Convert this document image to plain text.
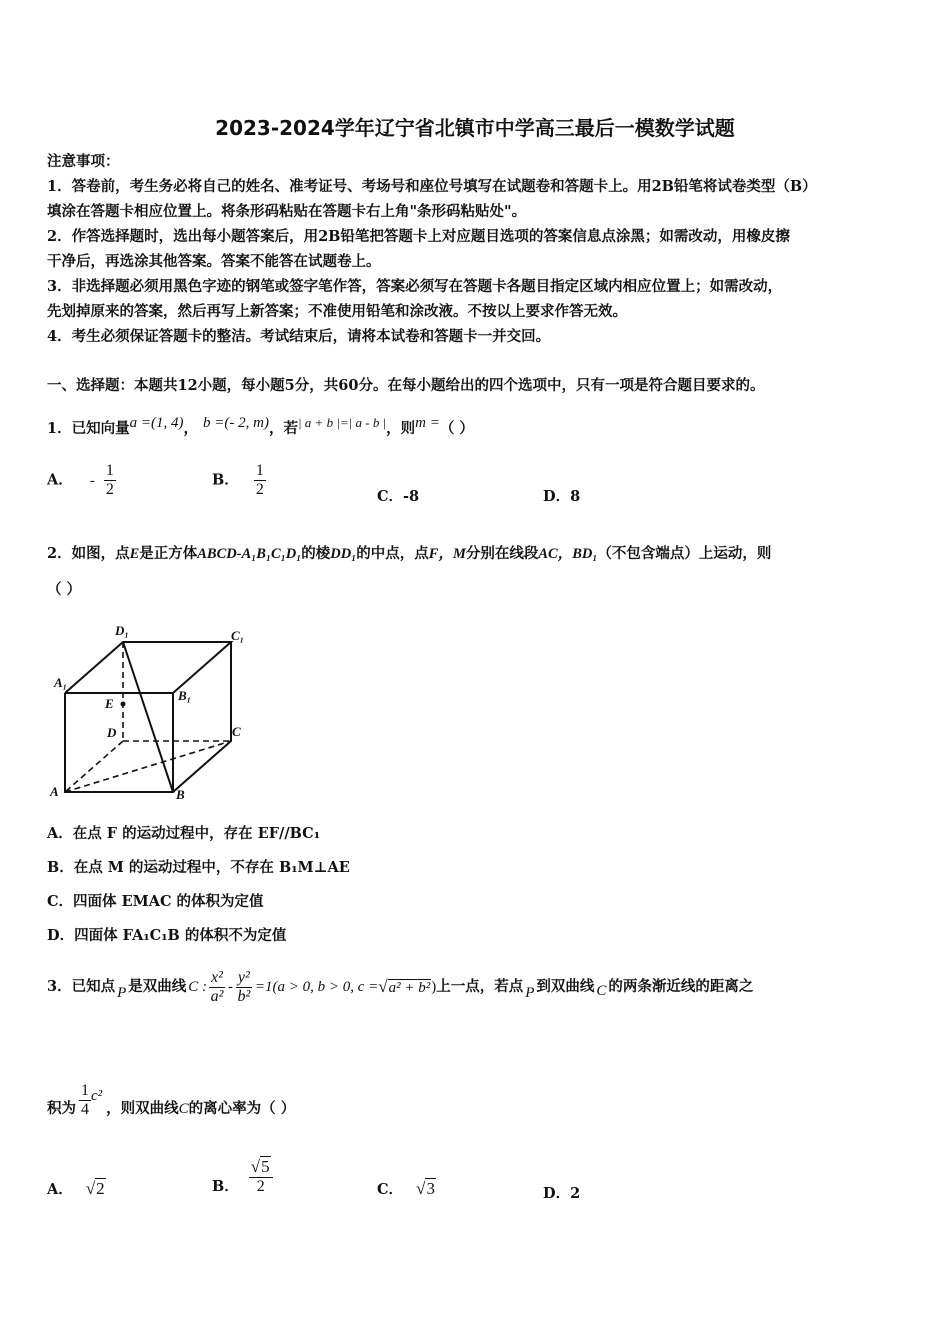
2023-2024学年辽宁省北镇市中学高三最后一模数学试题
注意事项：
1．答卷前，考生务必将自己的姓名、准考证号、考场号和座位号填写在试题卷和答题卡上。用2B铅笔将试卷类型（B）
填涂在答题卡相应位置上。将条形码粘贴在答题卡右上角"条形码粘贴处"。
2．作答选择题时，选出每小题答案后，用2B铅笔把答题卡上对应题目选项的答案信息点涂黑；如需改动，用橡皮擦
干净后，再选涂其他答案。答案不能答在试题卷上。
3．非选择题必须用黑色字迹的钢笔或签字笔作答，答案必须写在答题卡各题目指定区域内相应位置上；如需改动，
先划掉原来的答案，然后再写上新答案；不准使用铅笔和涂改液。不按以上要求作答无效。
4．考生必须保证答题卡的整洁。考试结束后，请将本试卷和答题卡一并交回。
一、选择题：本题共12小题，每小题5分，共60分。在每小题给出的四个选项中，只有一项是符合题目要求的。
1．已知向量a =(1, 4)， b =(- 2, m)，若| a + b |=| a - b |，则m =（ ）
A． - $\frac{1}{2}$	B． $\frac{1}{2}$	C．-8	D．8
2．如图，点E是正方体ABCD-A₁B₁C₁D₁的棱DD₁的中点，点F，M分别在线段AC，BD₁（不包含端点）上运动，则
（ ）
D₁	C₁
A₁
B₁
E
D	C
A	B
A．在点 F 的运动过程中，存在 EF//BC₁
B．在点 M 的运动过程中，不存在 B₁M⊥AE
C．四面体 EMAC 的体积为定值
D．四面体 FA₁C₁B 的体积不为定值
3．已知点 P 是双曲线 C : $\frac{\text{x²}}{\text{a²}} - \frac{\text{y²}}{\text{b²}} =1(a > 0$, b > 0, c = √a² + b² ) 上一点，若点 P 到双曲线 C 的两条渐近线的距离之
积为 $\frac{1}{4} c^2$
，则双曲线 C 的离心率为（ ）
A． √2	B． $\frac{√5}{2}$	C． √3	D．2
